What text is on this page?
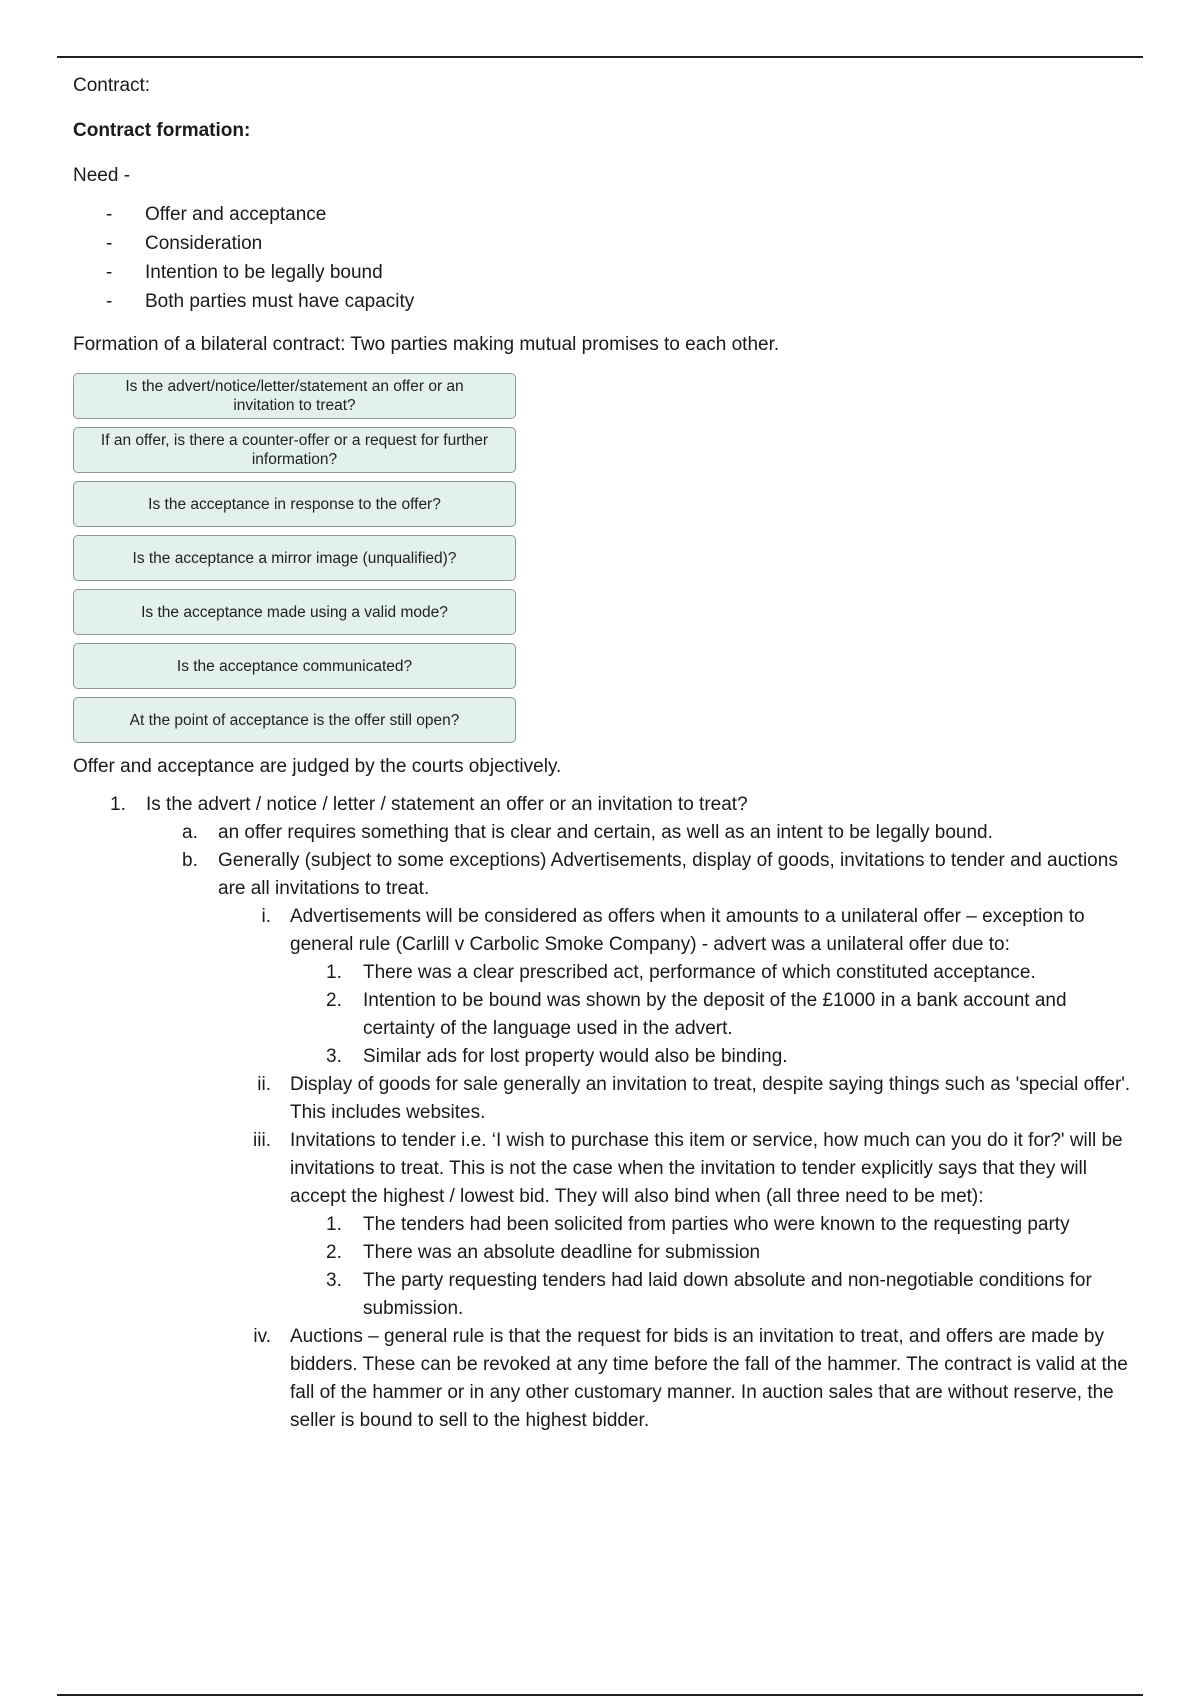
Contract:

Contract formation:

Need -

- Offer and acceptance
- Consideration
- Intention to be legally bound
- Both parties must have capacity

Formation of a bilateral contract: Two parties making mutual promises to each other.

Is the advert/notice/letter/statement an offer or an invitation to treat?
If an offer, is there a counter-offer or a request for further information?
Is the acceptance in response to the offer?
Is the acceptance a mirror image (unqualified)?
Is the acceptance made using a valid mode?
Is the acceptance communicated?
At the point of acceptance is the offer still open?

Offer and acceptance are judged by the courts objectively.

1. Is the advert / notice / letter / statement an offer or an invitation to treat?
a. an offer requires something that is clear and certain, as well as an intent to be legally bound.
b. Generally (subject to some exceptions) Advertisements, display of goods, invitations to tender and auctions are all invitations to treat.
i. Advertisements will be considered as offers when it amounts to a unilateral offer – exception to general rule (Carlill v Carbolic Smoke Company) - advert was a unilateral offer due to:
1. There was a clear prescribed act, performance of which constituted acceptance.
2. Intention to be bound was shown by the deposit of the £1000 in a bank account and certainty of the language used in the advert.
3. Similar ads for lost property would also be binding.
ii. Display of goods for sale generally an invitation to treat, despite saying things such as 'special offer'. This includes websites.
iii. Invitations to tender i.e. ‘I wish to purchase this item or service, how much can you do it for?' will be invitations to treat. This is not the case when the invitation to tender explicitly says that they will accept the highest / lowest bid. They will also bind when (all three need to be met):
1. The tenders had been solicited from parties who were known to the requesting party
2. There was an absolute deadline for submission
3. The party requesting tenders had laid down absolute and non-negotiable conditions for submission.
iv. Auctions – general rule is that the request for bids is an invitation to treat, and offers are made by bidders. These can be revoked at any time before the fall of the hammer. The contract is valid at the fall of the hammer or in any other customary manner. In auction sales that are without reserve, the seller is bound to sell to the highest bidder.
